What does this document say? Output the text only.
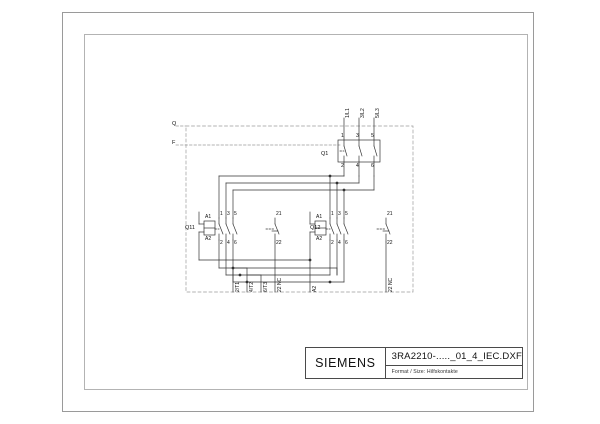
1/L1 3/L2 5/L3
1 3 5
2 4 6
Q1
Q11	Q12
Q
F
A1
A2
1 3 5
2 4 6
21
22
A1
A2
1 3 5
2 4 6
21
22
2/T1 4/T2 6/T3 22 NC	A2	22 NC
SIEMENS	3RA2210-....._01_4_IEC.DXF
Format / Size: Hilfskontakte
